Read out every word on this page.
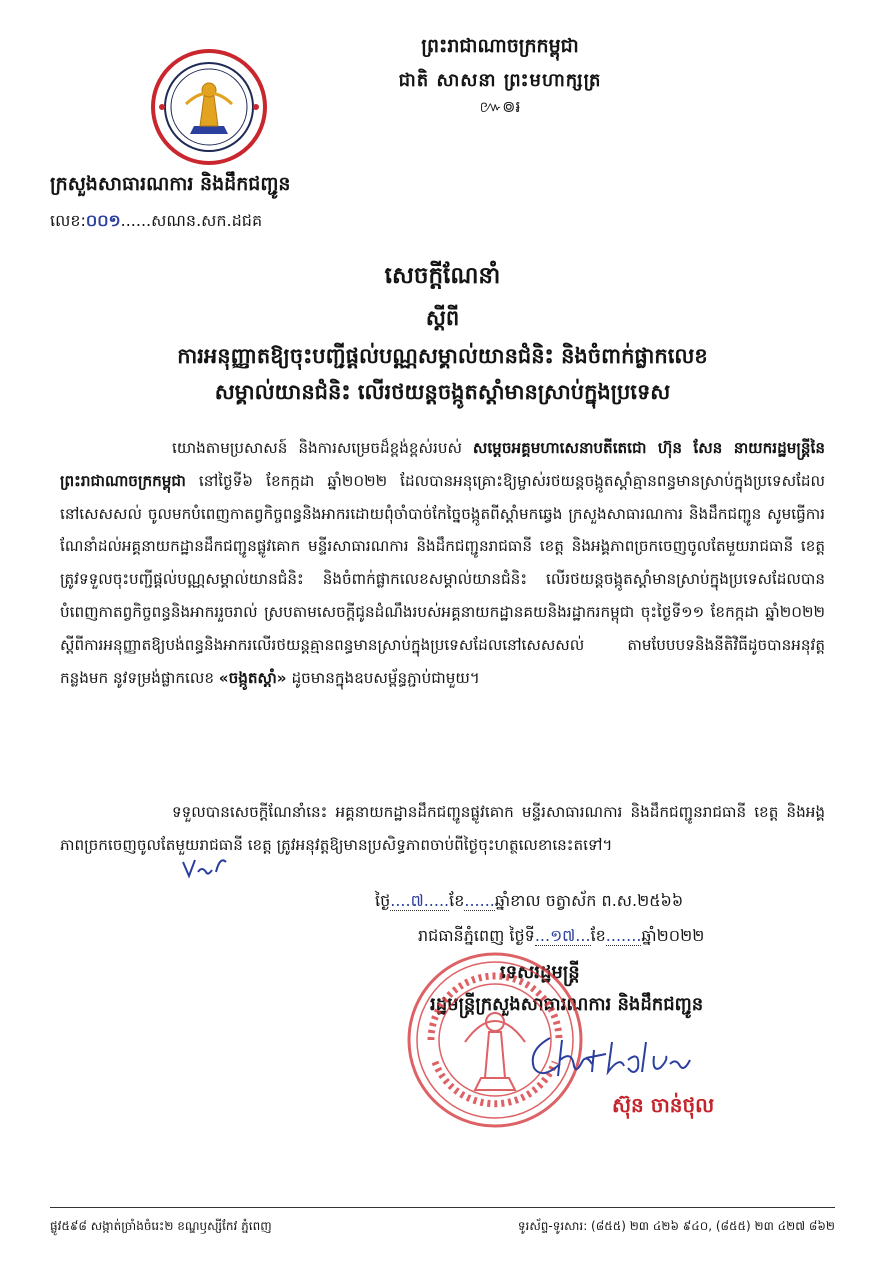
ព្រះរាជាណាចក្រកម្ពុជា
ជាតិ សាសនា ព្រះមហាក្សត្រ
៚៙៛
ក្រសួងសាធារណការ និងដឹកជញ្ជូន
លេខ:០០១......សណន.សក.ដជគ
សេចក្តីណែនាំ
ស្តីពី
ការអនុញ្ញាតឱ្យចុះបញ្ជីផ្តល់បណ្ណសម្គាល់យានជំនិះ និងចំពាក់ផ្លាកលេខ
សម្គាល់យានជំនិះ លើរថយន្តចង្កូតស្តាំមានស្រាប់ក្នុងប្រទេស
យោងតាមប្រសាសន៍ និងការសម្រេចដ៏ខ្ពង់ខ្ពស់របស់ សម្តេចអគ្គមហាសេនាបតីតេជោ ហ៊ុន សែន នាយករដ្ឋមន្ត្រីនៃព្រះរាជាណាចក្រកម្ពុជា នៅថ្ងៃទី៦ ខែកក្កដា ឆ្នាំ២០២២ ដែលបានអនុគ្រោះឱ្យម្ចាស់រថយន្តចង្កូតស្តាំគ្មានពន្ធមានស្រាប់ក្នុងប្រទេសដែលនៅសេសសល់ ចូលមកបំពេញកាតព្វកិច្ចពន្ធនិងអាករដោយពុំចាំបាច់កែច្នៃចង្កូតពីស្តាំមកឆ្វេង ក្រសួងសាធារណការ និងដឹកជញ្ជូន សូមធ្វើការណែនាំដល់អគ្គនាយកដ្ឋានដឹកជញ្ជូនផ្លូវគោក មន្ទីរសាធារណការ និងដឹកជញ្ជូនរាជធានី ខេត្ត និងអង្គភាពច្រកចេញចូលតែមួយរាជធានី ខេត្ត ត្រូវទទួលចុះបញ្ជីផ្តល់បណ្ណសម្គាល់យានជំនិះ និងចំពាក់ផ្លាកលេខសម្គាល់យានជំនិះ លើរថយន្តចង្កូតស្តាំមានស្រាប់ក្នុងប្រទេសដែលបានបំពេញកាតព្វកិច្ចពន្ធនិងអាកររួចរាល់ ស្របតាមសេចក្តីជូនដំណឹងរបស់អគ្គនាយកដ្ឋានគយនិងរដ្ឋាករកម្ពុជា ចុះថ្ងៃទី១១ ខែកក្កដា ឆ្នាំ២០២២ ស្តីពីការអនុញ្ញាតឱ្យបង់ពន្ធនិងអាករលើរថយន្តគ្មានពន្ធមានស្រាប់ក្នុងប្រទេសដែលនៅសេសសល់ តាមបែបបទនិងនីតិវិធីដូចបានអនុវត្តកន្លងមក នូវទម្រង់ផ្លាកលេខ «ចង្កូតស្តាំ» ដូចមានក្នុងឧបសម្ព័ន្ធភ្ជាប់ជាមួយ។
ទទួលបានសេចក្តីណែនាំនេះ អគ្គនាយកដ្ឋានដឹកជញ្ជូនផ្លូវគោក មន្ទីរសាធារណការ និងដឹកជញ្ជូនរាជធានី ខេត្ត និងអង្គភាពច្រកចេញចូលតែមួយរាជធានី ខេត្ត ត្រូវអនុវត្តឱ្យមានប្រសិទ្ធភាពចាប់ពីថ្ងៃចុះហត្ថលេខានេះតទៅ។
ថ្ងៃ....៧.....ខែ......ឆ្នាំខាល ចត្វាស័ក ព.ស.២៥៦៦
រាជធានីភ្នំពេញ ថ្ងៃទី...១៧...ខែ.......ឆ្នាំ២០២២
ទេសរដ្ឋមន្ត្រី
រដ្ឋមន្ត្រីក្រសួងសាធារណការ និងដឹកជញ្ជូន
ស៊ុន ចាន់ថុល
ផ្លូវ៥៩៨ សង្កាត់ច្រាំងចំរេះ២ ខណ្ឌឫស្សីកែវ ភ្នំពេញ	ទូរស័ព្ទ-ទូរសារ: (៨៥៥) ២៣ ៤២៦ ៩៤០, (៨៥៥) ២៣ ៤២៧ ៨៦២
